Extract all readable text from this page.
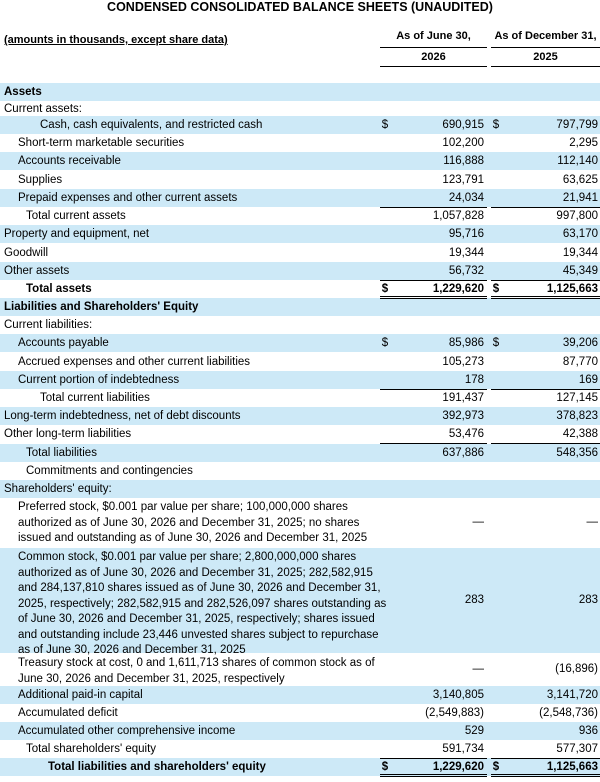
CONDENSED CONSOLIDATED BALANCE SHEETS (UNAUDITED)
(amounts in thousands, except share data)	As of June 30,
2026
As of December 31,
2025
Assets
Current assets:
Cash, cash equivalents, and restricted cash	$	690,915 $	797,799
Short-term marketable securities	102,200	2,295
Accounts receivable	116,888	112,140
Supplies	123,791	63,625
Prepaid expenses and other current assets	24,034	21,941
Total current assets	1,057,828	997,800
Property and equipment, net	95,716	63,170
Goodwill	19,344	19,344
Other assets	56,732	45,349
Total assets	$	1,229,620 $	1,125,663
Liabilities and Shareholders' Equity
Current liabilities:
Accounts payable	$	85,986 $	39,206
Accrued expenses and other current liabilities	105,273	87,770
Current portion of indebtedness	178	169
Total current liabilities	191,437	127,145
Long-term indebtedness, net of debt discounts	392,973	378,823
Other long-term liabilities	53,476	42,388
Total liabilities	637,886	548,356
Commitments and contingencies
Shareholders' equity:
Preferred stock, $0.001 par value per share; 100,000,000 shares authorized as of June 30, 2026 and December 31, 2025; no shares issued and outstanding as of June 30, 2026 and December 31, 2025
—	—
Common stock, $0.001 par value per share; 2,800,000,000 shares authorized as of June 30, 2026 and December 31, 2025; 282,582,915 and 284,137,810 shares issued as of June 30, 2026 and December 31, 2025, respectively; 282,582,915 and 282,526,097 shares outstanding as of June 30, 2026 and December 31, 2025, respectively; shares issued and outstanding include 23,446 unvested shares subject to repurchase as of June 30, 2026 and December 31, 2025
283	283
Treasury stock at cost, 0 and 1,611,713 shares of common stock as of June 30, 2026 and December 31, 2025, respectively
—	(16,896)
Additional paid-in capital	3,140,805	3,141,720
Accumulated deficit	(2,549,883)	(2,548,736)
Accumulated other comprehensive income	529	936
Total shareholders' equity	591,734	577,307
Total liabilities and shareholders' equity	$	1,229,620 $	1,125,663
